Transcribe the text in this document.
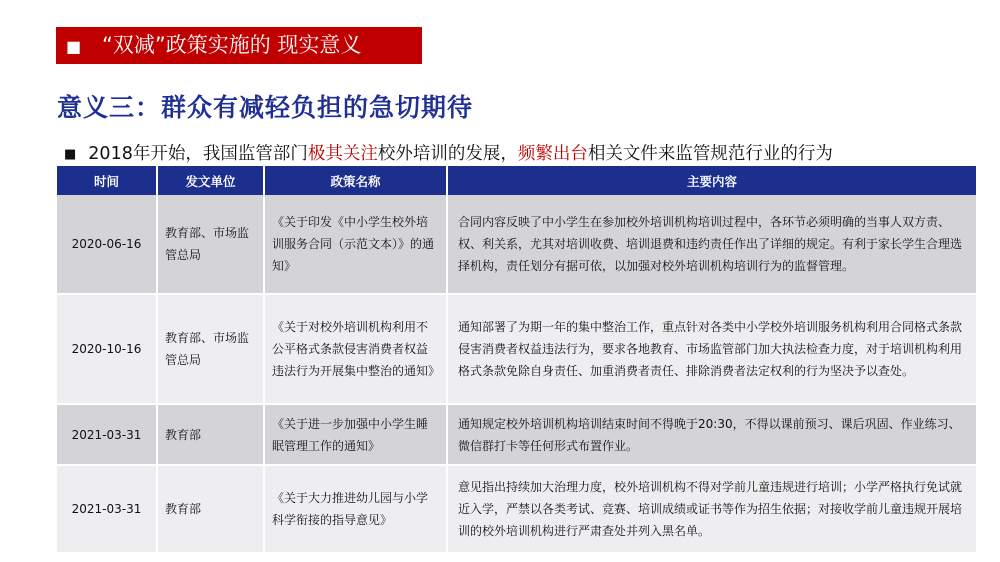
■ “双减”政策实施的 现实意义
意义三：群众有减轻负担的急切期待
■ 2018年开始，我国监管部门极其关注校外培训的发展，频繁出台相关文件来监管规范行业的行为
时间	发文单位	政策名称	主要内容
2020-06-16	教育部、市场监管总局	《关于印发《中小学生校外培训服务合同（示范文本）》的通知》	合同内容反映了中小学生在参加校外培训机构培训过程中，各环节必须明确的当事人双方责、权、利关系，尤其对培训收费、培训退费和违约责任作出了详细的规定。有利于家长学生合理选择机构，责任划分有据可依，以加强对校外培训机构培训行为的监督管理。
2020-10-16	教育部、市场监管总局	《关于对校外培训机构利用不公平格式条款侵害消费者权益违法行为开展集中整治的通知》	通知部署了为期一年的集中整治工作，重点针对各类中小学校外培训服务机构利用合同格式条款侵害消费者权益违法行为，要求各地教育、市场监管部门加大执法检查力度，对于培训机构利用格式条款免除自身责任、加重消费者责任、排除消费者法定权利的行为坚决予以查处。
2021-03-31	教育部	《关于进一步加强中小学生睡眠管理工作的通知》	通知规定校外培训机构培训结束时间不得晚于20:30，不得以课前预习、课后巩固、作业练习、微信群打卡等任何形式布置作业。
2021-03-31	教育部	《关于大力推进幼儿园与小学科学衔接的指导意见》	意见指出持续加大治理力度，校外培训机构不得对学前儿童违规进行培训；小学严格执行免试就近入学，严禁以各类考试、竞赛、培训成绩或证书等作为招生依据；对接收学前儿童违规开展培训的校外培训机构进行严肃查处并列入黑名单。
